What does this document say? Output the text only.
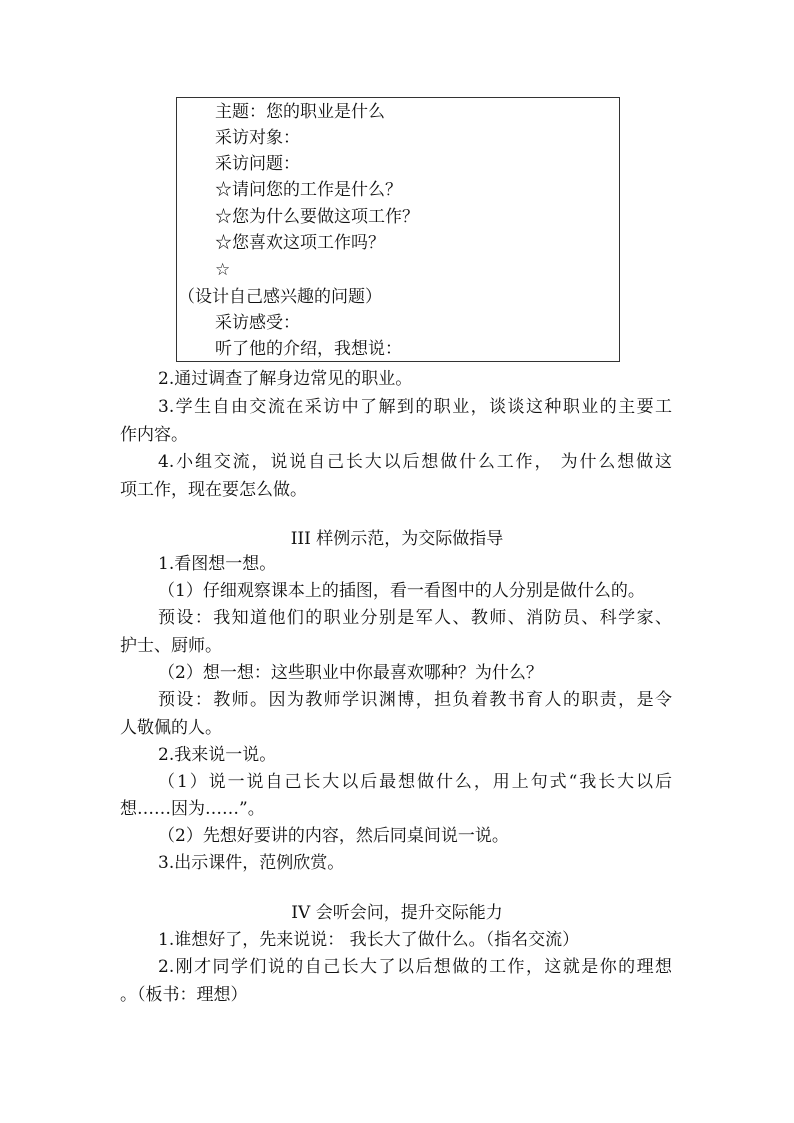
主题：您的职业是什么
采访对象：
采访问题：
☆请问您的工作是什么？
☆您为什么要做这项工作？
☆您喜欢这项工作吗？
☆
（设计自己感兴趣的问题）
采访感受：
听了他的介绍，我想说：
2.通过调查了解身边常见的职业。
3.学生自由交流在采访中了解到的职业，谈谈这种职业的主要工
作内容。
4.小组交流，说说自己长大以后想做什么工作， 为什么想做这
项工作，现在要怎么做。
III 样例示范，为交际做指导
1.看图想一想。
（1）仔细观察课本上的插图，看一看图中的人分别是做什么的。
预设：我知道他们的职业分别是军人、教师、消防员、科学家、
护士、厨师。
（2）想一想：这些职业中你最喜欢哪种？为什么？
预设：教师。因为教师学识渊博，担负着教书育人的职责，是令
人敬佩的人。
2.我来说一说。
（1）说一说自己长大以后最想做什么，用上句式“我长大以后
想……因为……”。
（2）先想好要讲的内容，然后同桌间说一说。
3.出示课件，范例欣赏。
IV 会听会问，提升交际能力
1.谁想好了，先来说说： 我长大了做什么。（指名交流）
2.刚才同学们说的自己长大了以后想做的工作，这就是你的理想
。（板书：理想）
